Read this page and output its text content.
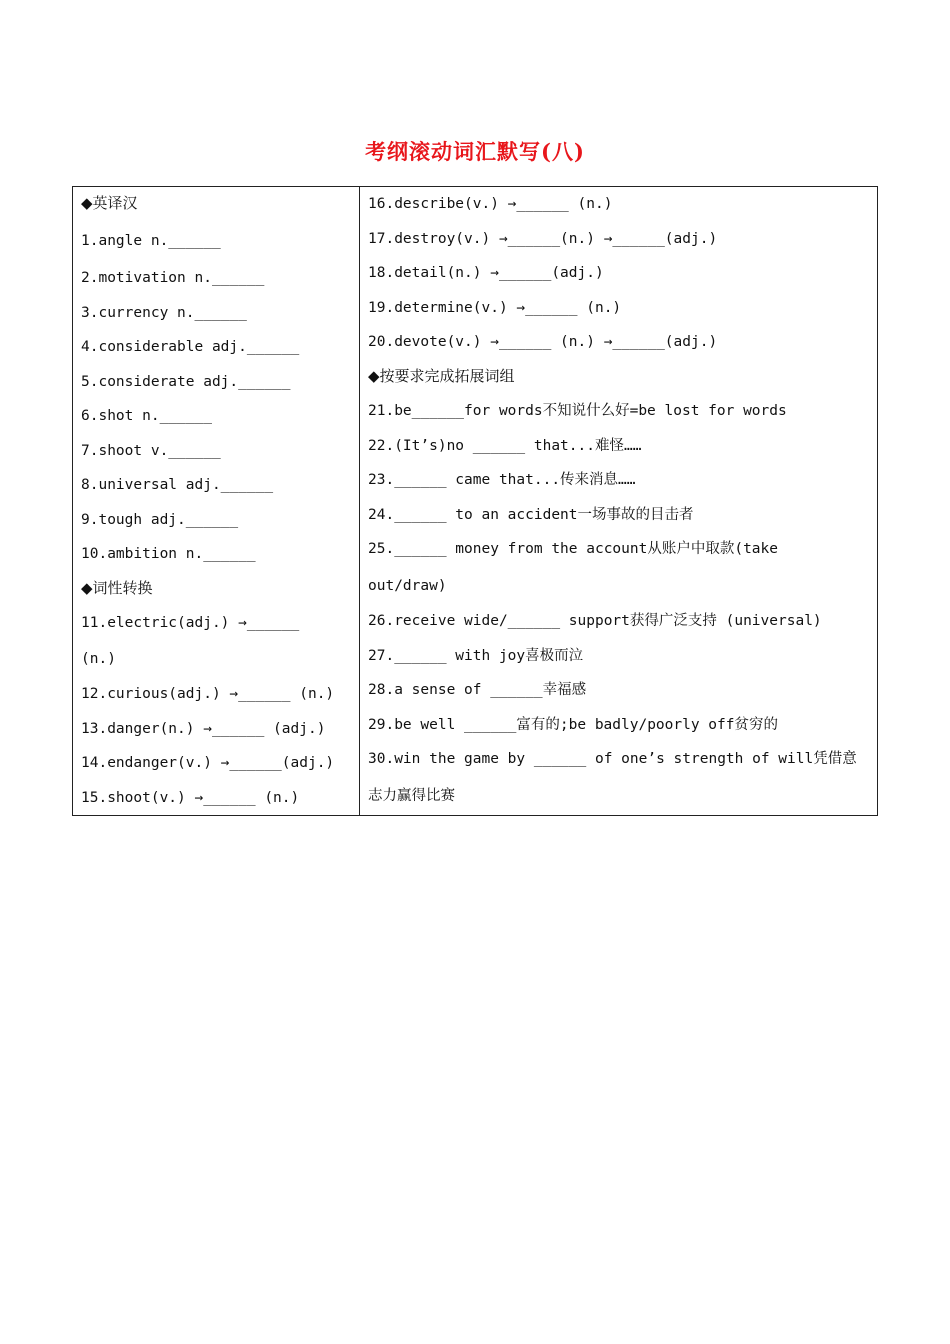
考纲滚动词汇默写(八)
◆英译汉
1.angle n.______
2.motivation n.______
3.currency n.______
4.considerable adj.______
5.considerate adj.______
6.shot n.______
7.shoot v.______
8.universal adj.______
9.tough adj.______
10.ambition n.______
◆词性转换
11.electric(adj.) →______
(n.)
12.curious(adj.) →______ (n.)
13.danger(n.) →______ (adj.)
14.endanger(v.) →______(adj.)
15.shoot(v.) →______ (n.)
16.describe(v.) →______ (n.)
17.destroy(v.) →______(n.) →______(adj.)
18.detail(n.) →______(adj.)
19.determine(v.) →______ (n.)
20.devote(v.) →______ (n.) →______(adj.)
◆按要求完成拓展词组
21.be______for words不知说什么好=be lost for words
22.(It’s)no ______ that...难怪……
23.______ came that...传来消息……
24.______ to an accident一场事故的目击者
25.______ money from the account从账户中取款(take
out/draw)
26.receive wide/______ support获得广泛支持 (universal)
27.______ with joy喜极而泣
28.a sense of ______幸福感
29.be well ______富有的;be badly/poorly off贫穷的
30.win the game by ______ of one’s strength of will凭借意
志力赢得比赛
